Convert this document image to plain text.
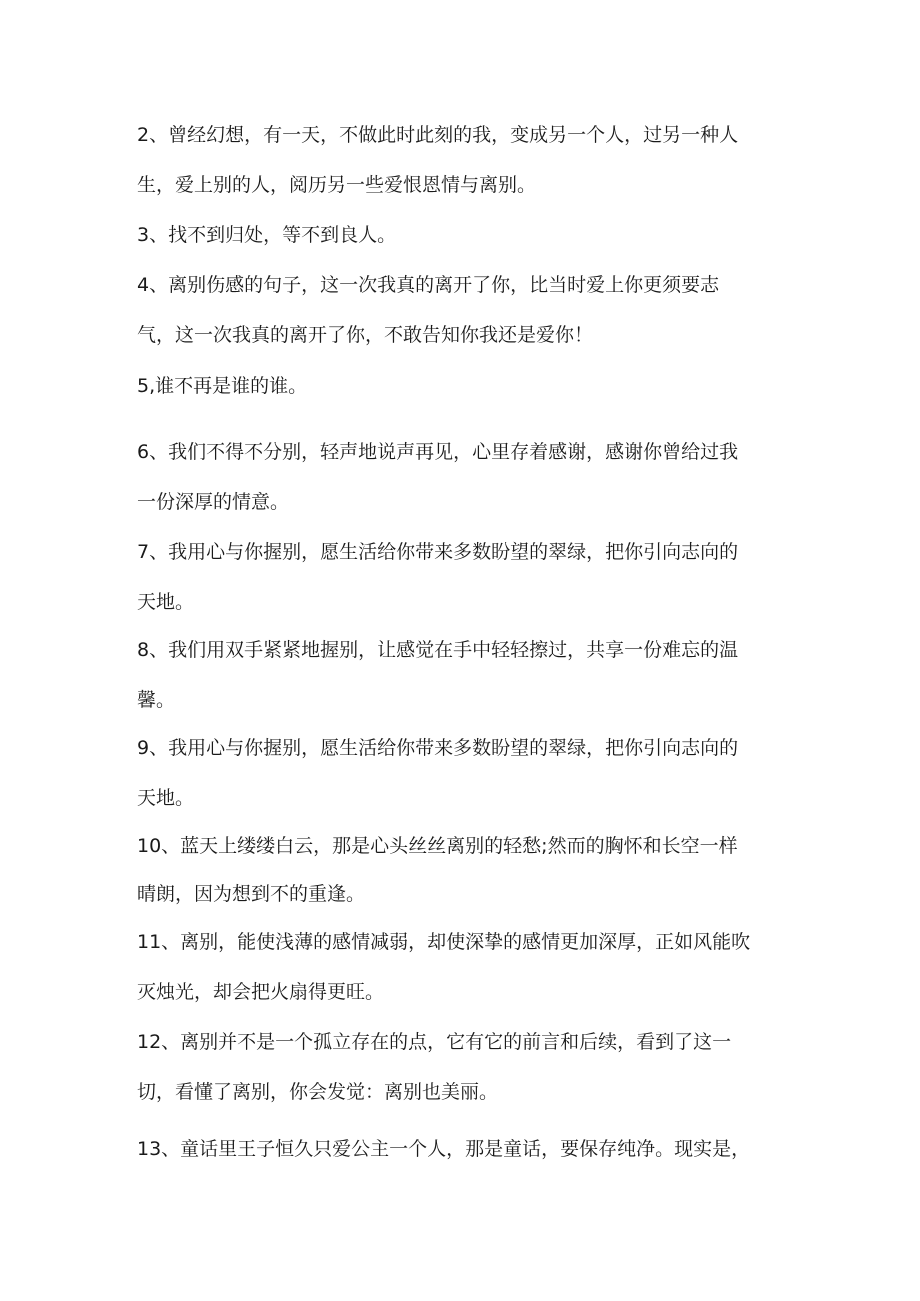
2、曾经幻想，有一天，不做此时此刻的我，变成另一个人，过另一种人

生，爱上别的人，阅历另一些爱恨恩情与离别。

3、找不到归处，等不到良人。

4、离别伤感的句子，这一次我真的离开了你，比当时爱上你更须要志

气，这一次我真的离开了你，不敢告知你我还是爱你！

5,谁不再是谁的谁。

6、我们不得不分别，轻声地说声再见，心里存着感谢，感谢你曾给过我

一份深厚的情意。

7、我用心与你握别，愿生活给你带来多数盼望的翠绿，把你引向志向的

天地。

8、我们用双手紧紧地握别，让感觉在手中轻轻擦过，共享一份难忘的温

馨。

9、我用心与你握别，愿生活给你带来多数盼望的翠绿，把你引向志向的

天地。

10、蓝天上缕缕白云，那是心头丝丝离别的轻愁;然而的胸怀和长空一样

晴朗，因为想到不的重逢。

11、离别，能使浅薄的感情减弱，却使深挚的感情更加深厚，正如风能吹

灭烛光，却会把火扇得更旺。

12、离别并不是一个孤立存在的点，它有它的前言和后续，看到了这一

切，看懂了离别，你会发觉：离别也美丽。

13、童话里王子恒久只爱公主一个人，那是童话，要保存纯净。现实是，
